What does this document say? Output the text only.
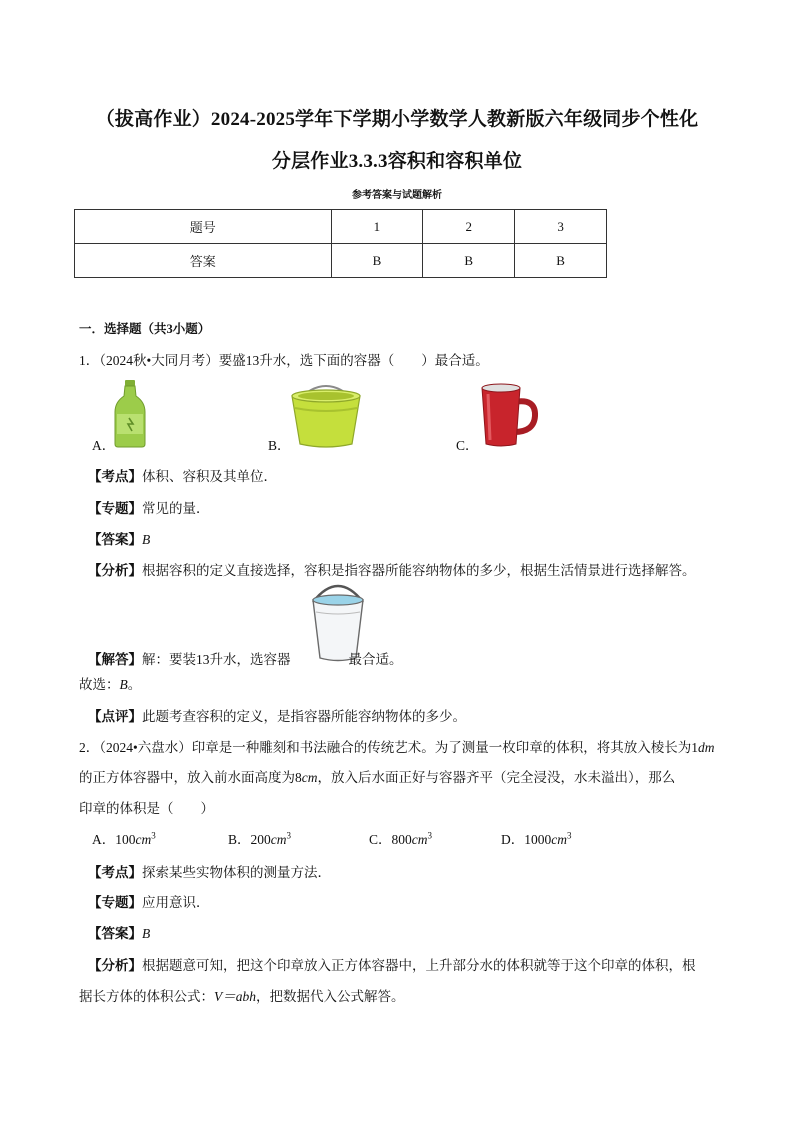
（拔高作业）2024-2025学年下学期小学数学人教新版六年级同步个性化
分层作业3.3.3容积和容积单位
参考答案与试题解析
题号	1	2	3
答案	B	B	B
一．选择题（共3小题）
1．（2024秋•大同月考）要盛13升水，选下面的容器（　　）最合适。
A．	B．	C．
【考点】体积、容积及其单位．
【专题】常见的量．
【答案】B
【分析】根据容积的定义直接选择，容积是指容器所能容纳物体的多少，根据生活情景进行选择解答。
【解答】解：要装13升水，选容器	最合适。
故选：B。
【点评】此题考查容积的定义，是指容器所能容纳物体的多少。
2．（2024•六盘水）印章是一种雕刻和书法融合的传统艺术。为了测量一枚印章的体积，将其放入棱长为1dm
的正方体容器中，放入前水面高度为8cm，放入后水面正好与容器齐平（完全浸没，水未溢出），那么
印章的体积是（　　）
A．$100cm^3$	B．$200cm^3$	C．$800cm^3$	D．$1000cm^3$
【考点】探索某些实物体积的测量方法．
【专题】应用意识．
【答案】B
【分析】根据题意可知，把这个印章放入正方体容器中，上升部分水的体积就等于这个印章的体积，根
据长方体的体积公式：V＝abh，把数据代入公式解答。
